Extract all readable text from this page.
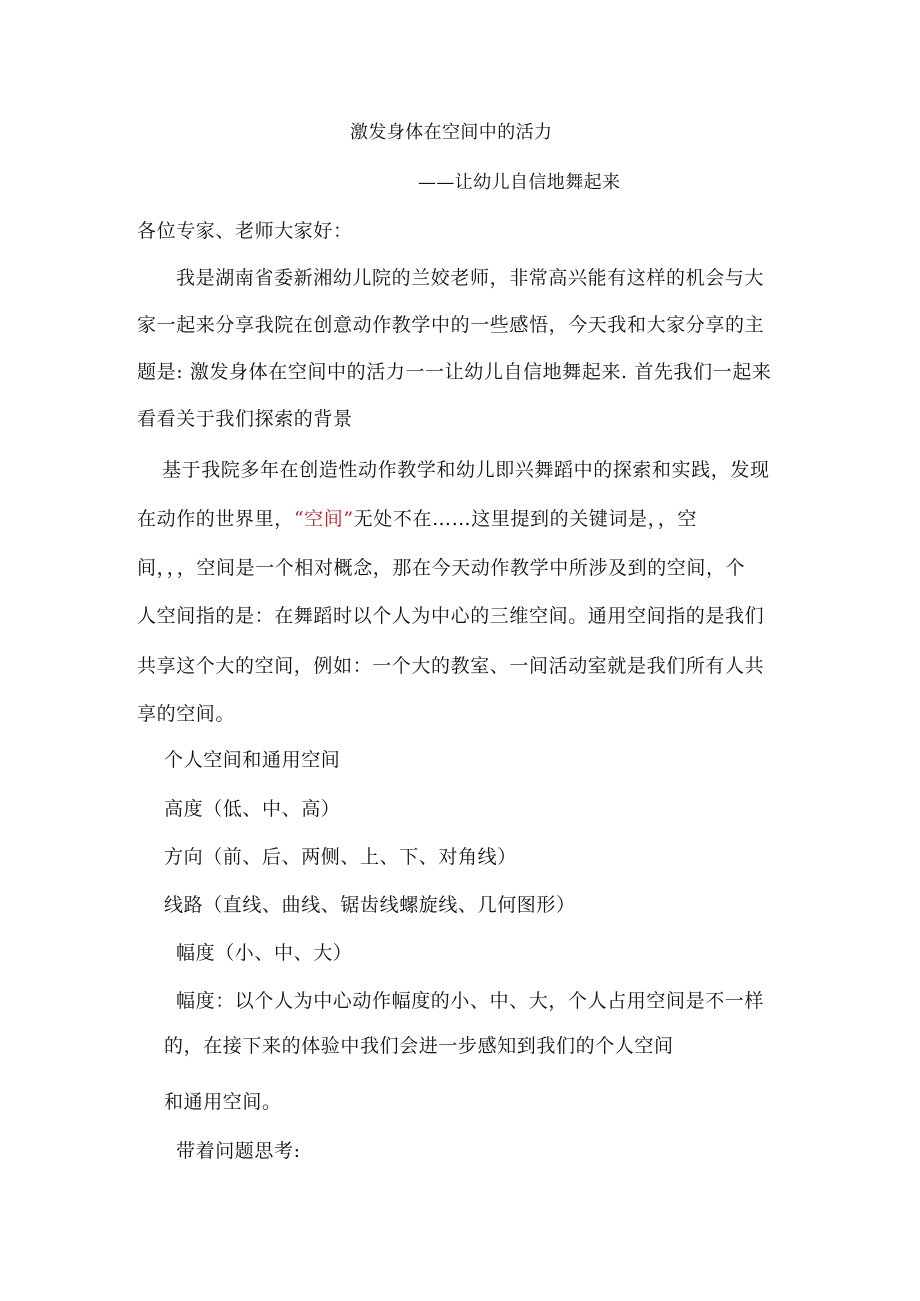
激发身体在空间中的活力
——让幼儿自信地舞起来
各位专家、老师大家好：
我是湖南省委新湘幼儿院的兰姣老师，非常高兴能有这样的机会与大
家一起来分享我院在创意动作教学中的一些感悟，今天我和大家分享的主
题是: 激发身体在空间中的活力一一让幼儿自信地舞起来. 首先我们一起来
看看关于我们探索的背景
基于我院多年在创造性动作教学和幼儿即兴舞蹈中的探索和实践，发现
在动作的世界里，“空间”无处不在……这里提到的关键词是，，空
间，，，空间是一个相对概念，那在今天动作教学中所涉及到的空间，个
人空间指的是：在舞蹈时以个人为中心的三维空间。通用空间指的是我们
共享这个大的空间，例如：一个大的教室、一间活动室就是我们所有人共
享的空间。
个人空间和通用空间
高度（低、中、高）
方向（前、后、两侧、上、下、对角线）
线路（直线、曲线、锯齿线螺旋线、几何图形）
幅度（小、中、大）
幅度：以个人为中心动作幅度的小、中、大，个人占用空间是不一样
的，在接下来的体验中我们会进一步感知到我们的个人空间
和通用空间。
带着问题思考:
